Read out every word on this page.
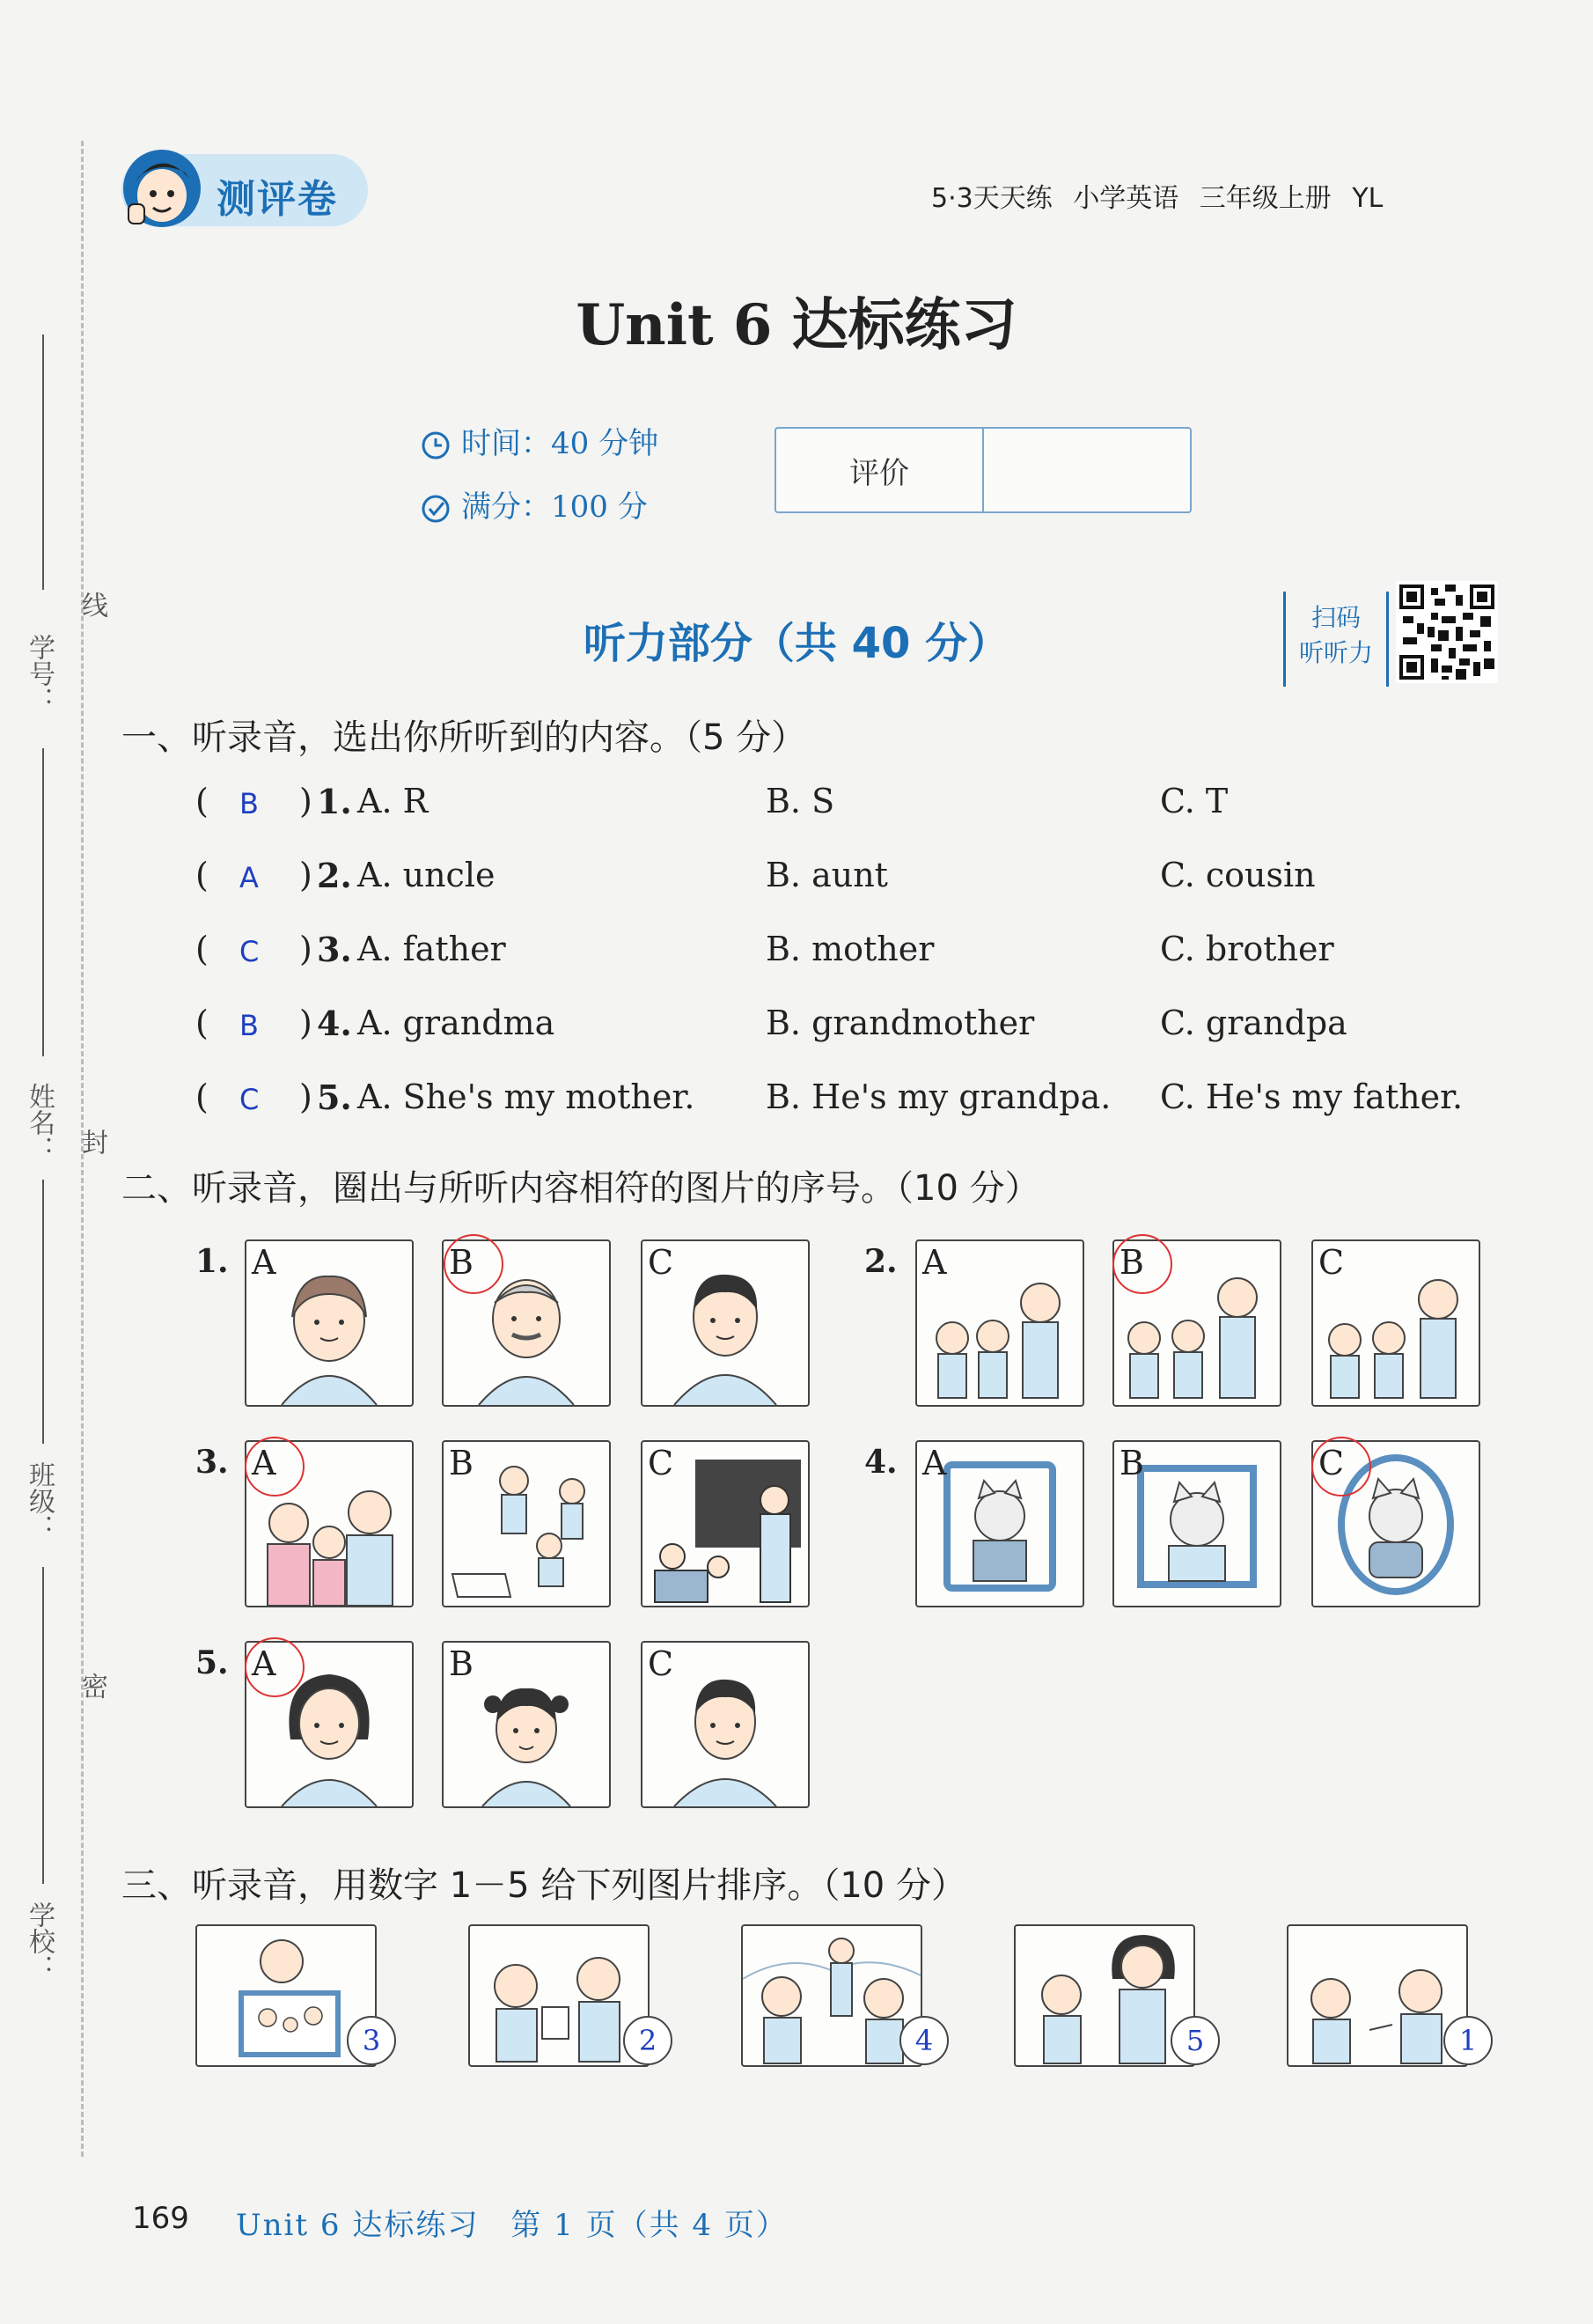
学号：
姓名：
班级：
学校：
线
封
密
测评卷	5·3天天练 小学英语 三年级上册 YL
Unit 6 达标练习
时间：40 分钟
满分：100 分
评价
听力部分（共 40 分）
扫码
听听力
一、听录音，选出你所听到的内容。（5 分）
( B ) 1. A. R	B. S	C. T
( A ) 2. A. uncle	B. aunt	C. cousin
( C ) 3. A. father	B. mother	C. brother
( B ) 4. A. grandma	B. grandmother	C. grandpa
( C ) 5. A. She's my mother. B. He's my grandpa. C. He's my father.
二、听录音，圈出与所听内容相符的图片的序号。（10 分）
1. A	B	C	2. A	B	C
3. A	B	C	4. A	B	C
5. A	B	C
三、听录音，用数字 1－5 给下列图片排序。（10 分）
3	2	4	5	1
169 Unit 6 达标练习　第 1 页（共 4 页）
